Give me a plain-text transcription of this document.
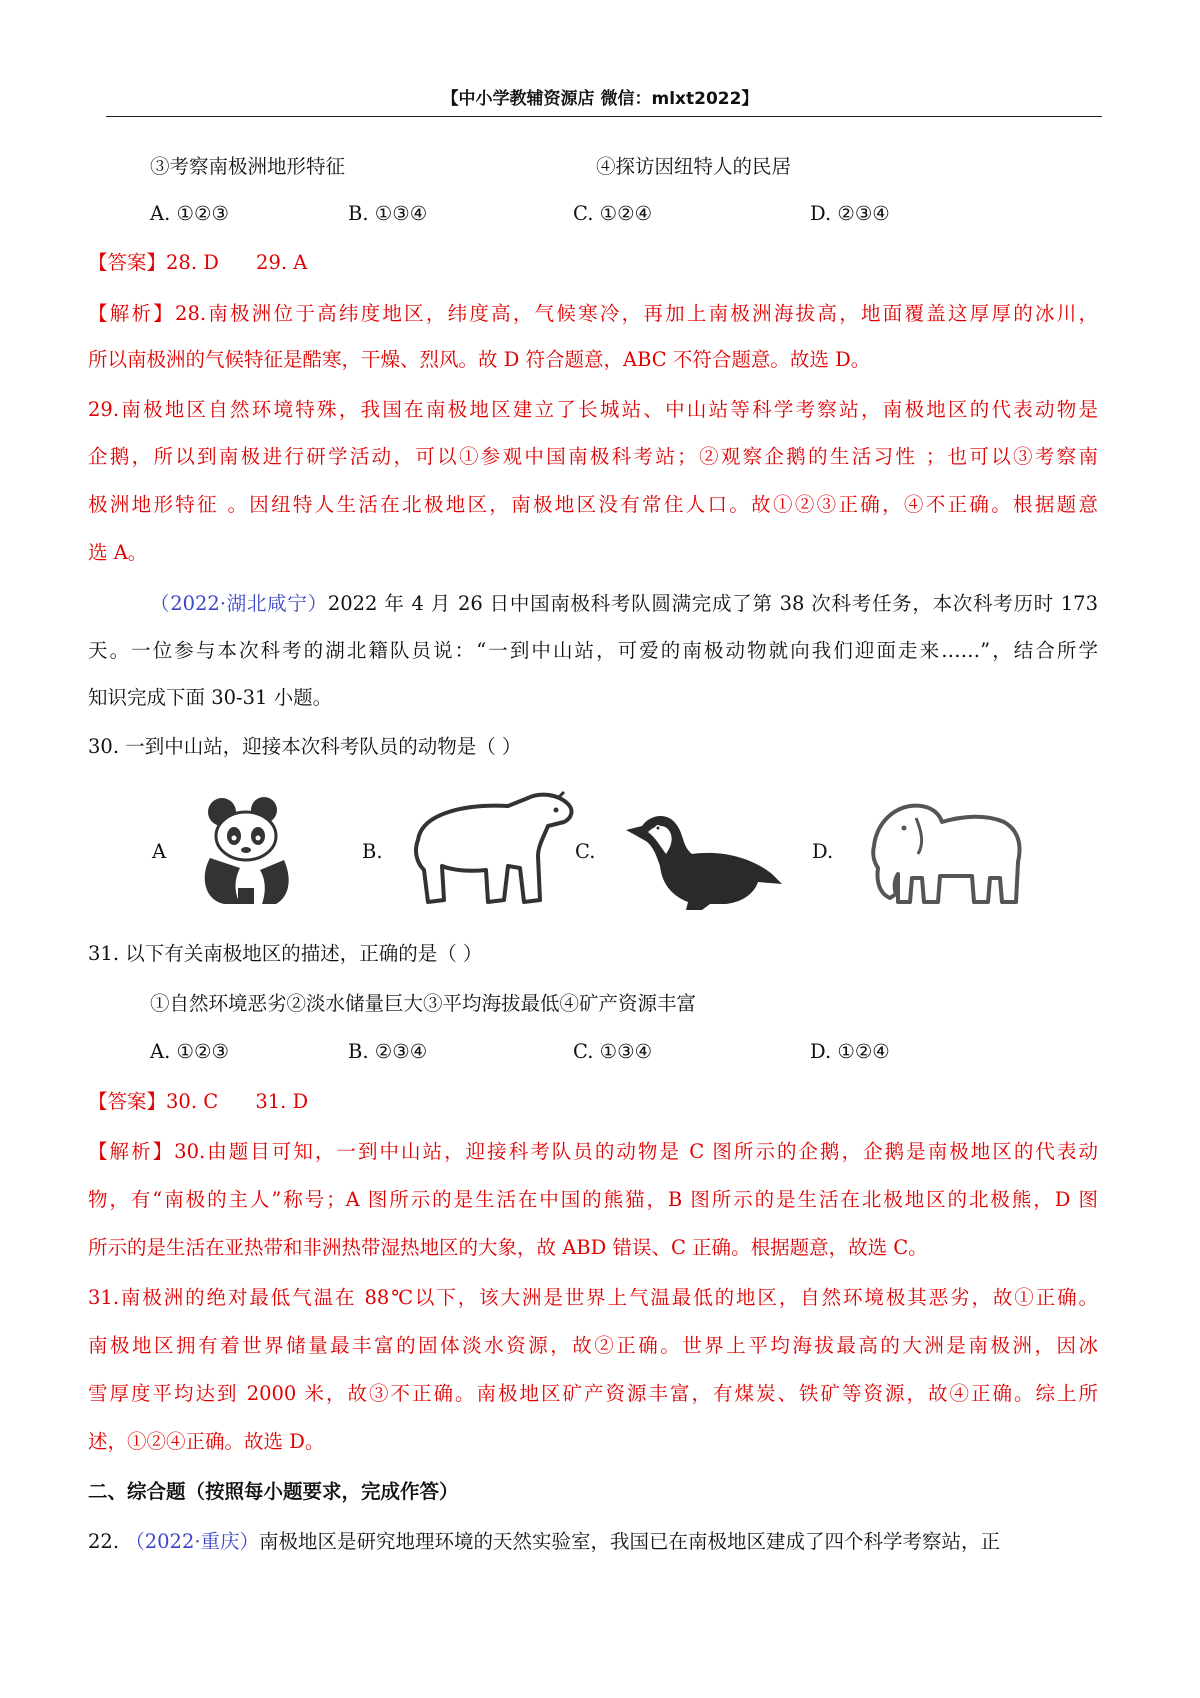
【中小学教辅资源店 微信：mlxt2022】
③考察南极洲地形特征	④探访因纽特人的民居
A. ①②③	B. ①③④	C. ①②④	D. ②③④
【答案】28. D      29. A
【解析】28.南极洲位于高纬度地区，纬度高，气候寒冷，再加上南极洲海拔高，地面覆盖这厚厚的冰川，
所以南极洲的气候特征是酷寒，干燥、烈风。故 D 符合题意，ABC 不符合题意。故选 D。
29.南极地区自然环境特殊，我国在南极地区建立了长城站、中山站等科学考察站，南极地区的代表动物是
企鹅，所以到南极进行研学活动，可以①参观中国南极科考站；②观察企鹅的生活习性 ；也可以③考察南
极洲地形特征 。因纽特人生活在北极地区，南极地区没有常住人口。故①②③正确，④不正确。根据题意
选 A。
（2022·湖北咸宁）2022 年 4 月 26 日中国南极科考队圆满完成了第 38 次科考任务，本次科考历时 173
天。一位参与本次科考的湖北籍队员说：“一到中山站，可爱的南极动物就向我们迎面走来……”，结合所学
知识完成下面 30-31 小题。
30. 一到中山站，迎接本次科考队员的动物是（ ）
A	B.	C.	D.
31. 以下有关南极地区的描述，正确的是（ ）
①自然环境恶劣②淡水储量巨大③平均海拔最低④矿产资源丰富
A. ①②③	B. ②③④	C. ①③④	D. ①②④
【答案】30. C      31. D
【解析】30.由题目可知，一到中山站，迎接科考队员的动物是 C 图所示的企鹅，企鹅是南极地区的代表动
物，有“南极的主人”称号；A 图所示的是生活在中国的熊猫，B 图所示的是生活在北极地区的北极熊，D 图
所示的是生活在亚热带和非洲热带湿热地区的大象，故 ABD 错误、C 正确。根据题意，故选 C。
31.南极洲的绝对最低气温在 88℃以下，该大洲是世界上气温最低的地区，自然环境极其恶劣，故①正确。
南极地区拥有着世界储量最丰富的固体淡水资源，故②正确。世界上平均海拔最高的大洲是南极洲，因冰
雪厚度平均达到 2000 米，故③不正确。南极地区矿产资源丰富，有煤炭、铁矿等资源，故④正确。综上所
述，①②④正确。故选 D。
二、综合题（按照每小题要求，完成作答）
22. （2022·重庆）南极地区是研究地理环境的天然实验室，我国已在南极地区建成了四个科学考察站，正
